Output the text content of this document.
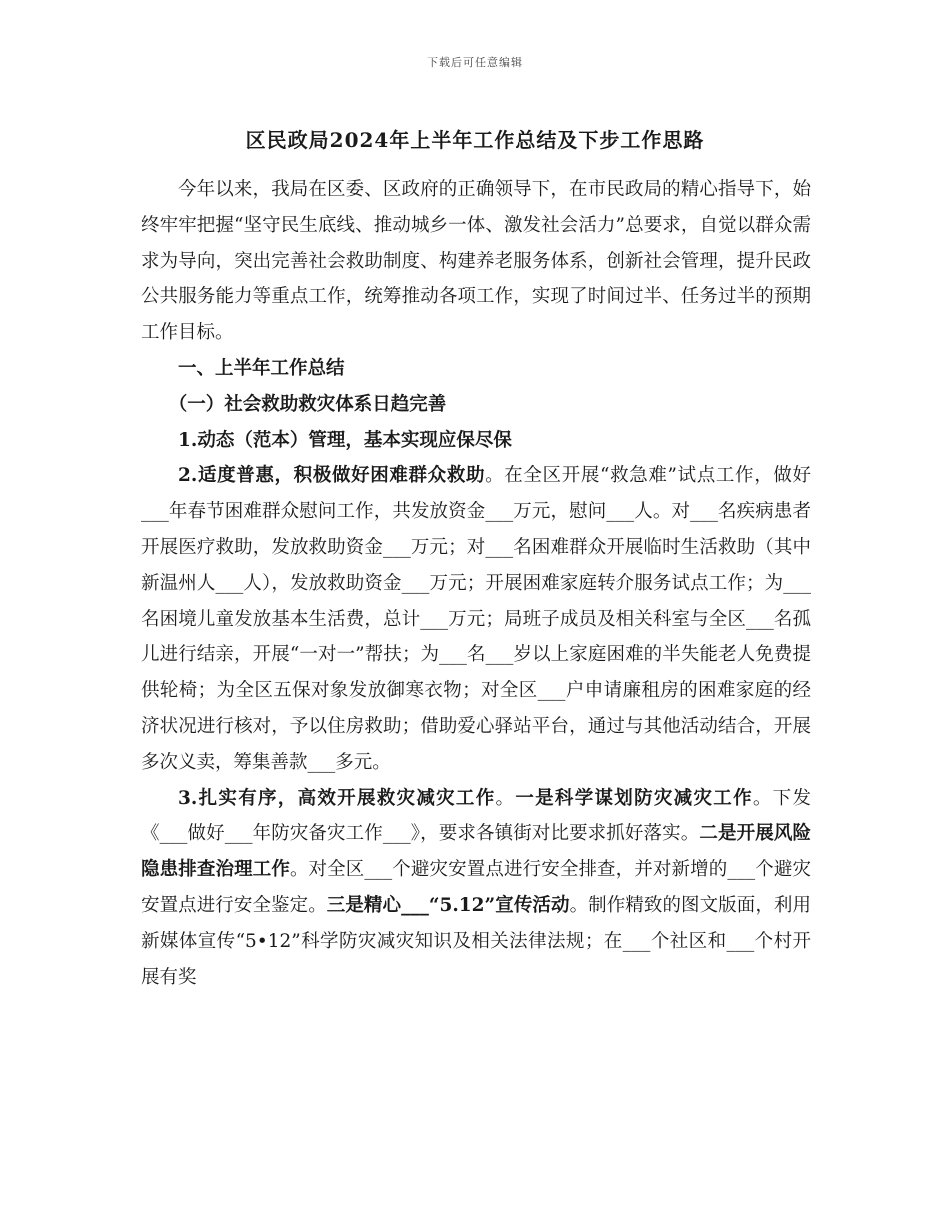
下载后可任意编辑
区民政局2024年上半年工作总结及下步工作思路

今年以来，我局在区委、区政府的正确领导下，在市民政局的精心指导下，始终牢牢把握“坚守民生底线、推动城乡一体、激发社会活力”总要求，自觉以群众需求为导向，突出完善社会救助制度、构建养老服务体系，创新社会管理，提升民政公共服务能力等重点工作，统筹推动各项工作，实现了时间过半、任务过半的预期工作目标。

一、上半年工作总结

（一）社会救助救灾体系日趋完善

1.动态（范本）管理，基本实现应保尽保

2.适度普惠，积极做好困难群众救助。在全区开展“救急难”试点工作，做好___年春节困难群众慰问工作，共发放资金___万元，慰问___人。对___名疾病患者开展医疗救助，发放救助资金___万元；对___名困难群众开展临时生活救助（其中新温州人___人），发放救助资金___万元；开展困难家庭转介服务试点工作；为___名困境儿童发放基本生活费，总计___万元；局班子成员及相关科室与全区___名孤儿进行结亲，开展“一对一”帮扶；为___名___岁以上家庭困难的半失能老人免费提供轮椅；为全区五保对象发放御寒衣物；对全区___户申请廉租房的困难家庭的经济状况进行核对，予以住房救助；借助爱心驿站平台，通过与其他活动结合，开展多次义卖，筹集善款___多元。

3.扎实有序，高效开展救灾减灾工作。一是科学谋划防灾减灾工作。下发《___做好___年防灾备灾工作___》，要求各镇街对比要求抓好落实。二是开展风险隐患排查治理工作。对全区___个避灾安置点进行安全排查，并对新增的___个避灾安置点进行安全鉴定。三是精心___“5.12”宣传活动。制作精致的图文版面，利用新媒体宣传“5•12”科学防灾减灾知识及相关法律法规；在___个社区和___个村开展有奖
